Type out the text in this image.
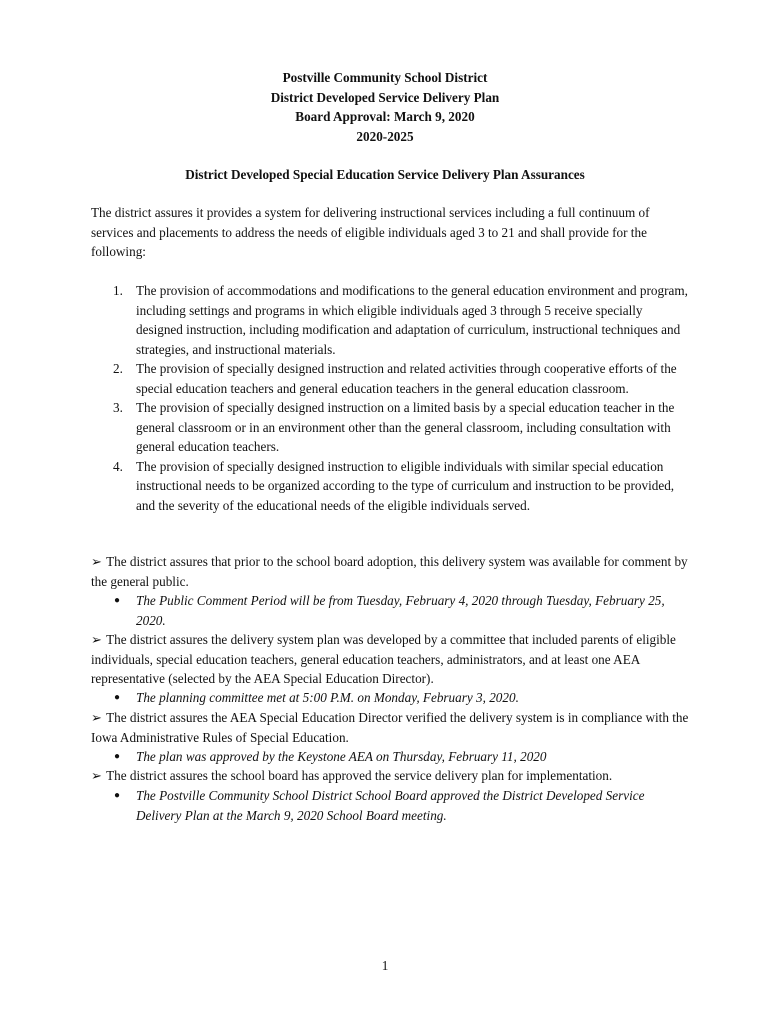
Postville Community School District
District Developed Service Delivery Plan
Board Approval: March 9, 2020
2020-2025
District Developed Special Education Service Delivery Plan Assurances
The district assures it provides a system for delivering instructional services including a full continuum of services and placements to address the needs of eligible individuals aged 3 to 21 and shall provide for the following:
1. The provision of accommodations and modifications to the general education environment and program, including settings and programs in which eligible individuals aged 3 through 5 receive specially designed instruction, including modification and adaptation of curriculum, instructional techniques and strategies, and instructional materials.
2. The provision of specially designed instruction and related activities through cooperative efforts of the special education teachers and general education teachers in the general education classroom.
3. The provision of specially designed instruction on a limited basis by a special education teacher in the general classroom or in an environment other than the general classroom, including consultation with general education teachers.
4. The provision of specially designed instruction to eligible individuals with similar special education instructional needs to be organized according to the type of curriculum and instruction to be provided, and the severity of the educational needs of the eligible individuals served.
➢ The district assures that prior to the school board adoption, this delivery system was available for comment by the general public.
● The Public Comment Period will be from Tuesday, February 4, 2020 through Tuesday, February 25, 2020.
➢ The district assures the delivery system plan was developed by a committee that included parents of eligible individuals, special education teachers, general education teachers, administrators, and at least one AEA representative (selected by the AEA Special Education Director).
● The planning committee met at 5:00 P.M. on Monday, February 3, 2020.
➢ The district assures the AEA Special Education Director verified the delivery system is in compliance with the Iowa Administrative Rules of Special Education.
● The plan was approved by the Keystone AEA on Thursday, February 11, 2020
➢ The district assures the school board has approved the service delivery plan for implementation.
● The Postville Community School District School Board approved the District Developed Service Delivery Plan at the March 9, 2020 School Board meeting.
1
